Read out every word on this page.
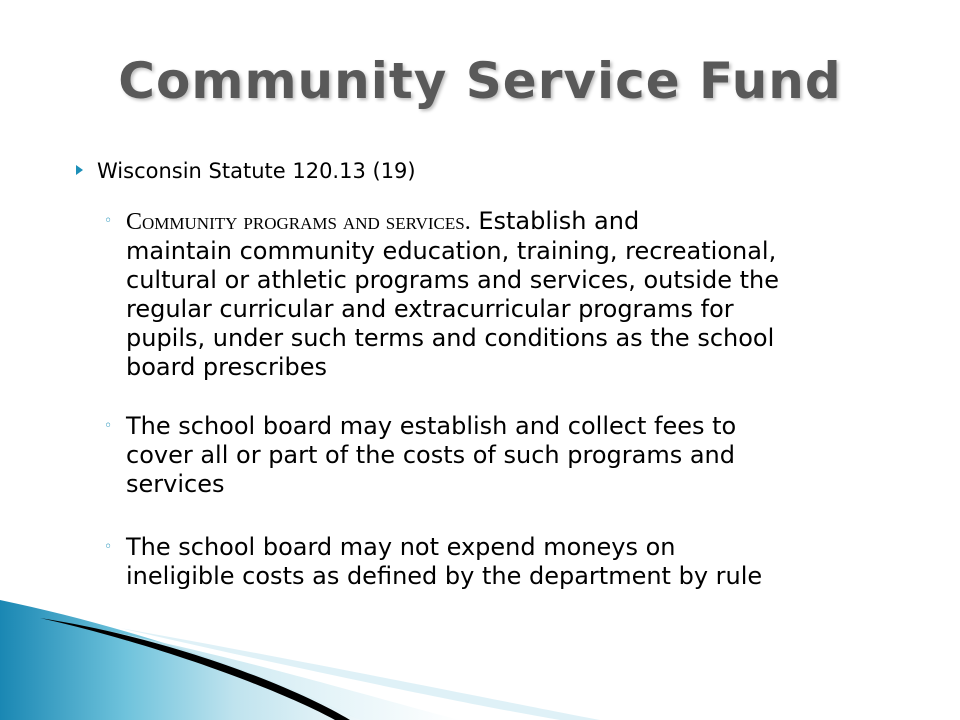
Community Service Fund
Wisconsin Statute 120.13 (19)
◦ Community programs and services. Establish and
maintain community education, training, recreational,
cultural or athletic programs and services, outside the
regular curricular and extracurricular programs for
pupils, under such terms and conditions as the school
board prescribes
◦ The school board may establish and collect fees to
cover all or part of the costs of such programs and
services
◦ The school board may not expend moneys on
ineligible costs as defined by the department by rule
